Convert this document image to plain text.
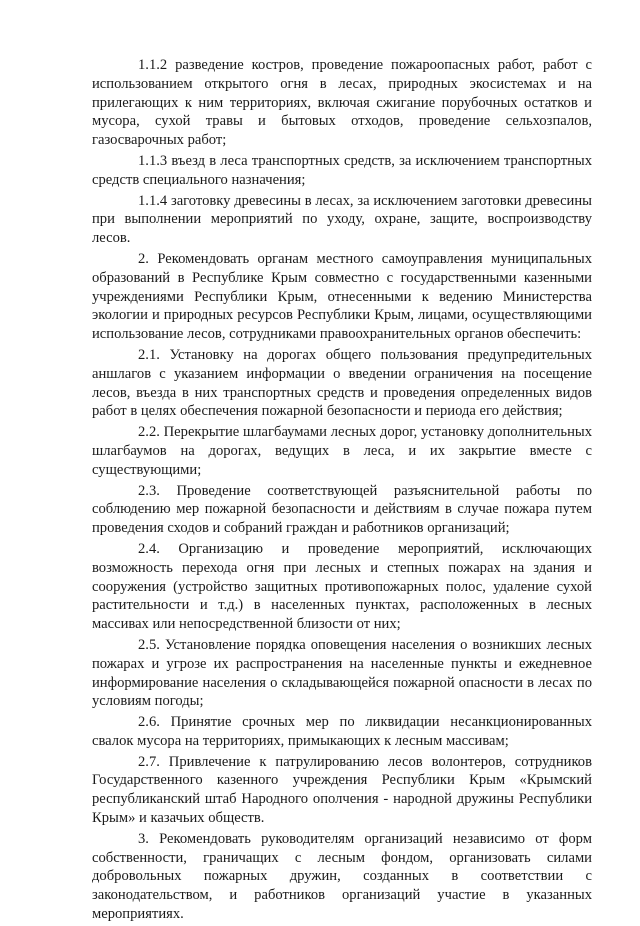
1.1.2 разведение костров, проведение пожароопасных работ, работ с использованием открытого огня в лесах, природных экосистемах и на прилегающих к ним территориях, включая сжигание порубочных остатков и мусора, сухой травы и бытовых отходов, проведение сельхозпалов, газосварочных работ;

1.1.3 въезд в леса транспортных средств, за исключением транспортных средств специального назначения;

1.1.4 заготовку древесины в лесах, за исключением заготовки древесины при выполнении мероприятий по уходу, охране, защите, воспроизводству лесов.

2. Рекомендовать органам местного самоуправления муниципальных образований в Республике Крым совместно с государственными казенными учреждениями Республики Крым, отнесенными к ведению Министерства экологии и природных ресурсов Республики Крым, лицами, осуществляющими использование лесов, сотрудниками правоохранительных органов обеспечить:

2.1. Установку на дорогах общего пользования предупредительных аншлагов с указанием информации о введении ограничения на посещение лесов, въезда в них транспортных средств и проведения определенных видов работ в целях обеспечения пожарной безопасности и периода его действия;

2.2. Перекрытие шлагбаумами лесных дорог, установку дополнительных шлагбаумов на дорогах, ведущих в леса, и их закрытие вместе с существующими;

2.3. Проведение соответствующей разъяснительной работы по соблюдению мер пожарной безопасности и действиям в случае пожара путем проведения сходов и собраний граждан и работников организаций;

2.4. Организацию и проведение мероприятий, исключающих возможность перехода огня при лесных и степных пожарах на здания и сооружения (устройство защитных противопожарных полос, удаление сухой растительности и т.д.) в населенных пунктах, расположенных в лесных массивах или непосредственной близости от них;

2.5. Установление порядка оповещения населения о возникших лесных пожарах и угрозе их распространения на населенные пункты и ежедневное информирование населения о складывающейся пожарной опасности в лесах по условиям погоды;

2.6. Принятие срочных мер по ликвидации несанкционированных свалок мусора на территориях, примыкающих к лесным массивам;

2.7. Привлечение к патрулированию лесов волонтеров, сотрудников Государственного казенного учреждения Республики Крым «Крымский республиканский штаб Народного ополчения - народной дружины Республики Крым» и казачьих обществ.

3. Рекомендовать руководителям организаций независимо от форм собственности, граничащих с лесным фондом, организовать силами добровольных пожарных дружин, созданных в соответствии с законодательством, и работников организаций участие в указанных мероприятиях.
